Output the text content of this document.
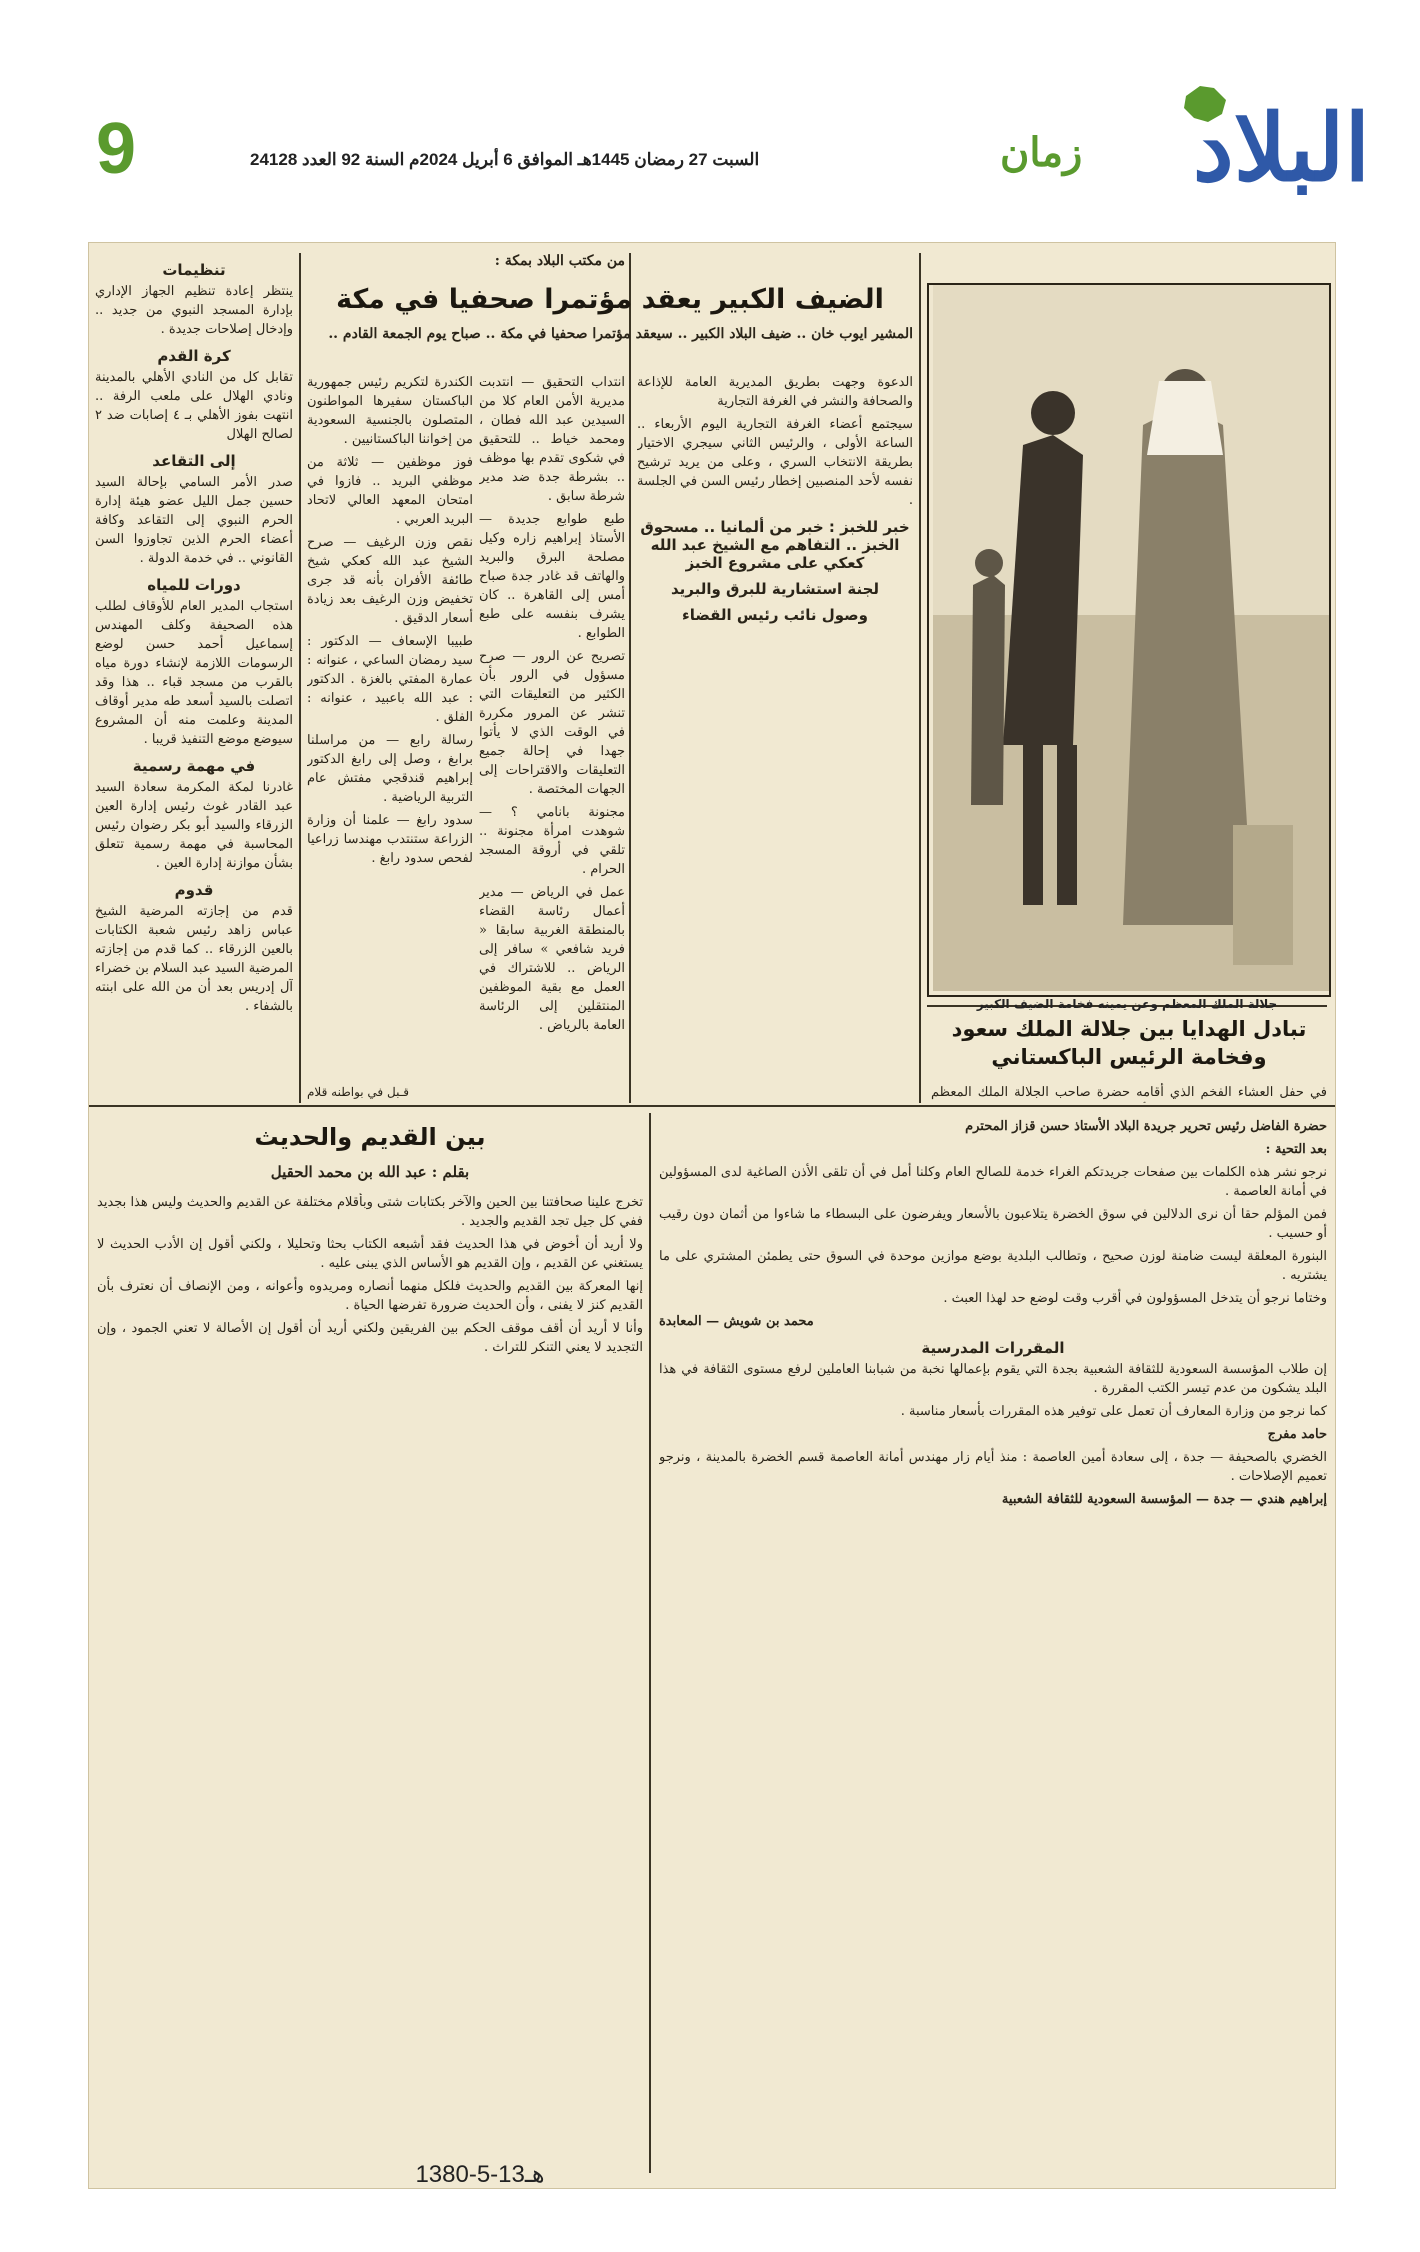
9	السبت 27 رمضان 1445هـ الموافق 6 أبريل 2024م السنة 92 العدد 24128	زمان البلاد
جلالة الملك المعظم وعن يمينه فخامة الضيف الكبير
تنظيمات

ينتظر إعادة تنظيم الجهاز الإداري بإدارة المسجد النبوي من جديد .. وإدخال إصلاحات جديدة .

كرة القدم

تقابل كل من النادي الأهلي بالمدينة ونادي الهلال على ملعب الرفة .. انتهت بفوز الأهلي بـ ٤ إصابات ضد ٢ لصالح الهلال

إلى التقاعد

صدر الأمر السامي بإحالة السيد حسين جمل الليل عضو هيئة إدارة الحرم النبوي إلى التقاعد وكافة أعضاء الحرم الذين تجاوزوا السن القانوني .. في خدمة الدولة .

دورات للمياه

استجاب المدير العام للأوقاف لطلب هذه الصحيفة وكلف المهندس إسماعيل أحمد حسن لوضع الرسومات اللازمة لإنشاء دورة مياه بالقرب من مسجد قباء .. هذا وقد اتصلت بالسيد أسعد طه مدير أوقاف المدينة وعلمت منه أن المشروع سيوضع موضع التنفيذ قريبا .

في مهمة رسمية

غادرنا لمكة المكرمة سعادة السيد عبد القادر غوث رئيس إدارة العين الزرقاء والسيد أبو بكر رضوان رئيس المحاسبة في مهمة رسمية تتعلق بشأن موازنة إدارة العين .

قدوم

قدم من إجازته المرضية الشيخ عباس زاهد رئيس شعبة الكتابات بالعين الزرقاء .. كما قدم من إجازته المرضية السيد عبد السلام بن خضراء آل إدريس بعد أن من الله على ابنته بالشفاء .

من مكتب البلاد بمكة :
الضيف الكبير يعقد مؤتمرا صحفيا في مكة

المشير ايوب خان .. ضيف البلاد الكبير .. سيعقد مؤتمرا صحفيا في مكة .. صباح يوم الجمعة القادم ..

الدعوة وجهت بطريق المديرية العامة للإذاعة والصحافة والنشر في الغرفة التجارية

سيجتمع أعضاء الغرفة التجارية اليوم الأربعاء .. الساعة الأولى ، والرئيس الثاني سيجري الاختيار بطريقة الانتخاب السري ، وعلى من يريد ترشيح نفسه لأحد المنصبين إخطار رئيس السن في الجلسة .

خبر للخبز : خبر من ألمانيا .. مسحوق الخبز .. التفاهم مع الشيخ عبد الله كعكي على مشروع الخبز
لجنة استشارية للبرق والبريد
وصول نائب رئيس القضاء

انتداب التحقيق — انتدبت مديرية الأمن العام كلا من السيدين عبد الله فطان ، ومحمد خياط .. للتحقيق في شكوى تقدم بها موظف .. بشرطة جدة ضد مدير شرطة سابق .

طبع طوابع جديدة — الأستاذ إبراهيم زاره وكيل مصلحة البرق والبريد والهاتف قد غادر جدة صباح أمس إلى القاهرة .. كان يشرف بنفسه على طبع الطوابع .

تصريح عن الرور — صرح مسؤول في الرور بأن الكثير من التعليقات التي تنشر عن المرور مكررة في الوقت الذي لا يأتوا جهدا في إحالة جميع التعليقات والاقتراحات إلى الجهات المختصة .

مجنونة بانامي ؟ — شوهدت امرأة مجنونة .. تلقي في أروقة المسجد الحرام .

عمل في الرياض — مدير أعمال رئاسة القضاء بالمنطقة الغربية سابقا « فريد شافعي » سافر إلى الرياض .. للاشتراك في العمل مع بقية الموظفين المنتقلين إلى الرئاسة العامة بالرياض .

الكندرة لتكريم رئيس جمهورية الباكستان سفيرها المواطنون المتصلون بالجنسية السعودية من إخواننا الباكستانيين .

فوز موظفين — ثلاثة من موظفي البريد .. فازوا في امتحان المعهد العالي لاتحاد البريد العربي .

نقص وزن الرغيف — صرح الشيخ عبد الله كعكي شيخ طائفة الأفران بأنه قد جرى تخفيض وزن الرغيف بعد زيادة أسعار الدقيق .

طبيبا الإسعاف — الدكتور : سيد رمضان الساعي ، عنوانه : عمارة المفتي بالغزة . الدكتور : عبد الله باعبيد ، عنوانه : الفلق .

رسالة رابع — من مراسلنا برابغ ، وصل إلى رابغ الدكتور إبراهيم قندقجي مفتش عام التربية الرياضية .

سدود رابغ — علمنا أن وزارة الزراعة ستنتدب مهندسا زراعيا لفحص سدود رابغ .

قـبل في بواطنه قلام
تبادل الهدايا بين جلالة الملك سعود وفخامة الرئيس الباكستاني

في حفل العشاء الفخم الذي أقامه حضرة صاحب الجلالة الملك المعظم

حضرة الفاضل رئيس تحرير جريدة البلاد الأستاذ حسن قزاز المحترم

بعد التحية :

نرجو نشر هذه الكلمات بين صفحات جريدتكم الغراء خدمة للصالح العام وكلنا أمل في أن تلقى الأذن الصاغية لدى المسؤولين في أمانة العاصمة .

فمن المؤلم حقا أن نرى الدلالين في سوق الخضرة يتلاعبون بالأسعار ويفرضون على البسطاء ما شاءوا من أثمان دون رقيب أو حسيب .

البنورة المعلقة ليست ضامنة لوزن صحيح ، وتطالب البلدية بوضع موازين موحدة في السوق حتى يطمئن المشتري على ما يشتريه .

وختاما نرجو أن يتدخل المسؤولون في أقرب وقت لوضع حد لهذا العبث .

محمد بن شويش — المعابدة

المقررات المدرسية

إن طلاب المؤسسة السعودية للثقافة الشعبية بجدة التي يقوم بإعمالها نخبة من شبابنا العاملين لرفع مستوى الثقافة في هذا البلد يشكون من عدم تيسر الكتب المقررة .

كما نرجو من وزارة المعارف أن تعمل على توفير هذه المقررات بأسعار مناسبة .

حامد مفرج

الخضري بالصحيفة — جدة ، إلى سعادة أمين العاصمة : منذ أيام زار مهندس أمانة العاصمة قسم الخضرة بالمدينة ، ونرجو تعميم الإصلاحات .

إبراهيم هندي — جدة — المؤسسة السعودية للثقافة الشعبية

بين القديم والحديث

بقلم : عبد الله بن محمد الحقيل

تخرج علينا صحافتنا بين الحين والآخر بكتابات شتى وبأقلام مختلفة عن القديم والحديث وليس هذا بجديد ففي كل جيل تجد القديم والجديد .

ولا أريد أن أخوض في هذا الحديث فقد أشبعه الكتاب بحثا وتحليلا ، ولكني أقول إن الأدب الحديث لا يستغني عن القديم ، وإن القديم هو الأساس الذي يبنى عليه .

إنها المعركة بين القديم والحديث فلكل منهما أنصاره ومريدوه وأعوانه ، ومن الإنصاف أن نعترف بأن القديم كنز لا يفنى ، وأن الحديث ضرورة تفرضها الحياة .

وأنا لا أريد أن أقف موقف الحكم بين الفريقين ولكني أريد أن أقول إن الأصالة لا تعني الجمود ، وإن التجديد لا يعني التنكر للتراث .

1380-5-13هـ
